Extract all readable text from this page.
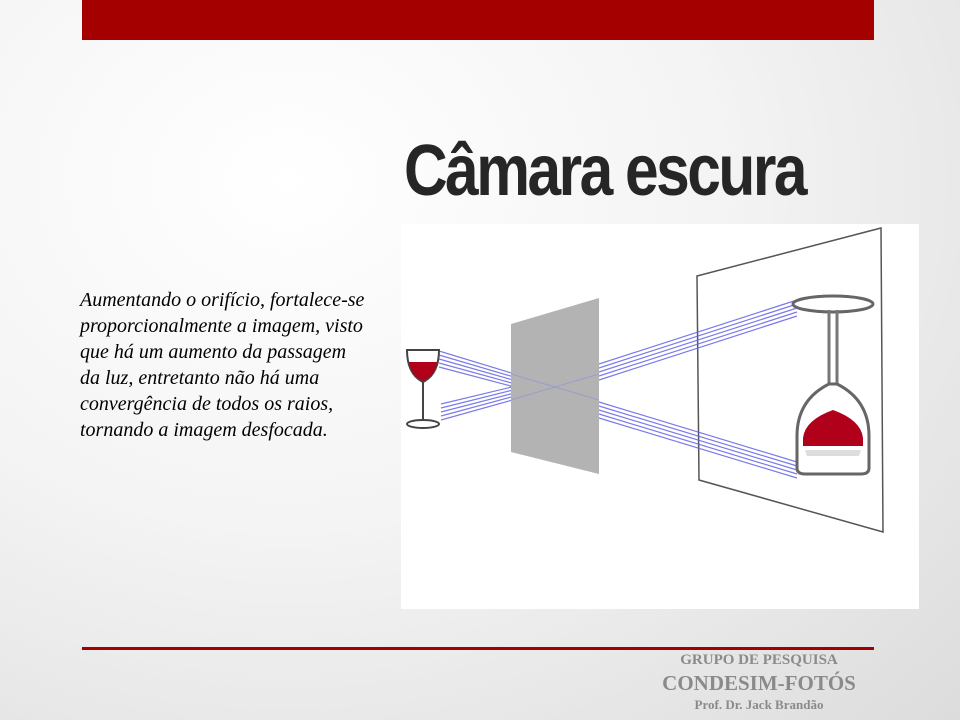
Câmara escura
Aumentando o orifício, fortalece-se proporcionalmente a imagem, visto que há um aumento da passagem da luz, entretanto não há uma convergência de todos os raios, tornando a imagem desfocada.
GRUPO DE PESQUISA
CONDESIM-FOTÓS
Prof. Dr. Jack Brandão
